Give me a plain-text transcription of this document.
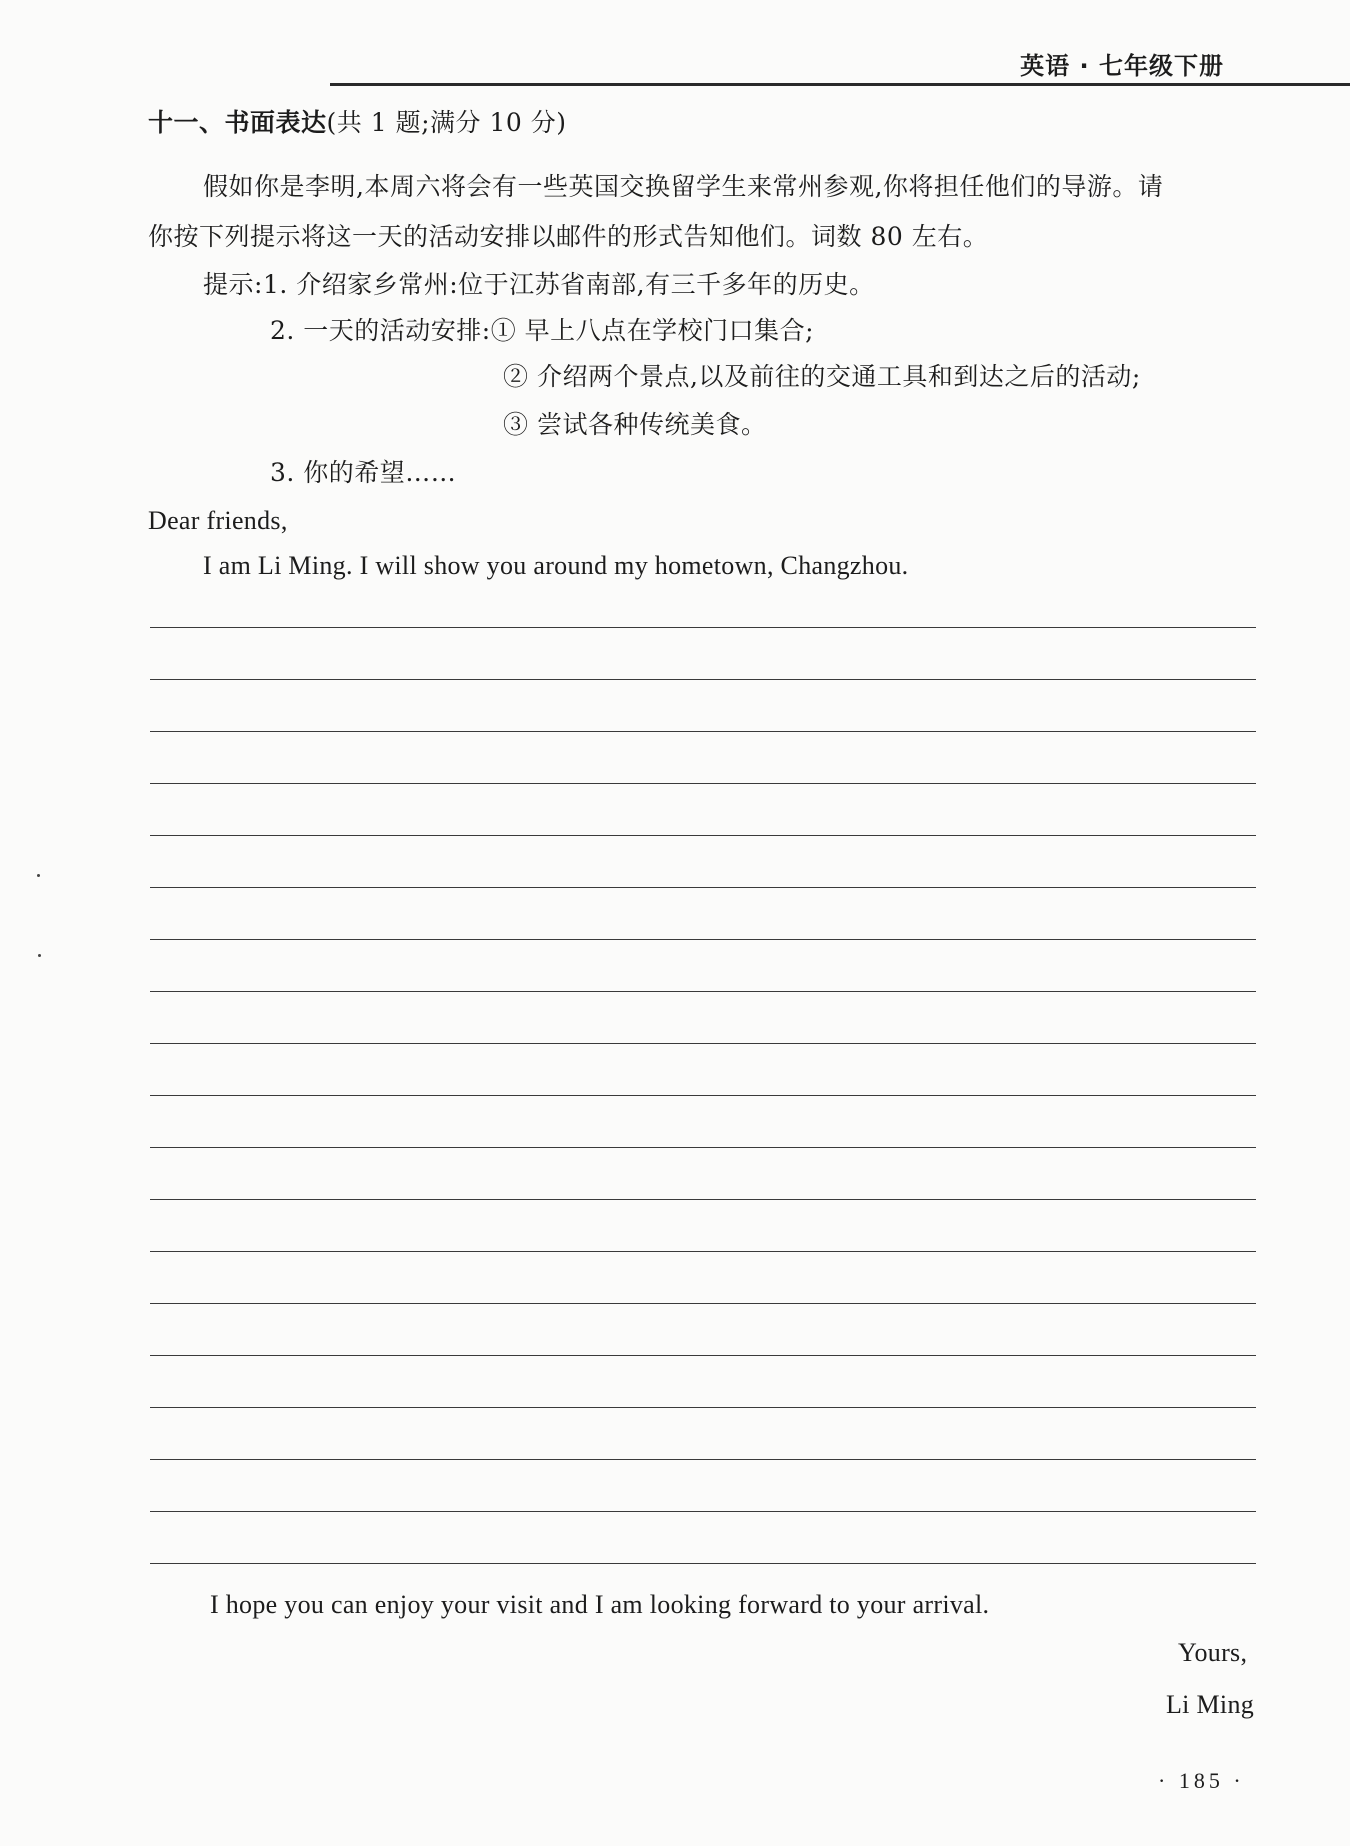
英语 · 七年级下册
十一、书面表达(共 1 题;满分 10 分)
假如你是李明,本周六将会有一些英国交换留学生来常州参观,你将担任他们的导游。请
你按下列提示将这一天的活动安排以邮件的形式告知他们。词数 80 左右。
提示:1. 介绍家乡常州:位于江苏省南部,有三千多年的历史。
2. 一天的活动安排:① 早上八点在学校门口集合;
② 介绍两个景点,以及前往的交通工具和到达之后的活动;
③ 尝试各种传统美食。
3. 你的希望……
Dear friends,
I am Li Ming. I will show you around my hometown, Changzhou.
I hope you can enjoy your visit and I am looking forward to your arrival.
Yours,
Li Ming
· 185 ·
